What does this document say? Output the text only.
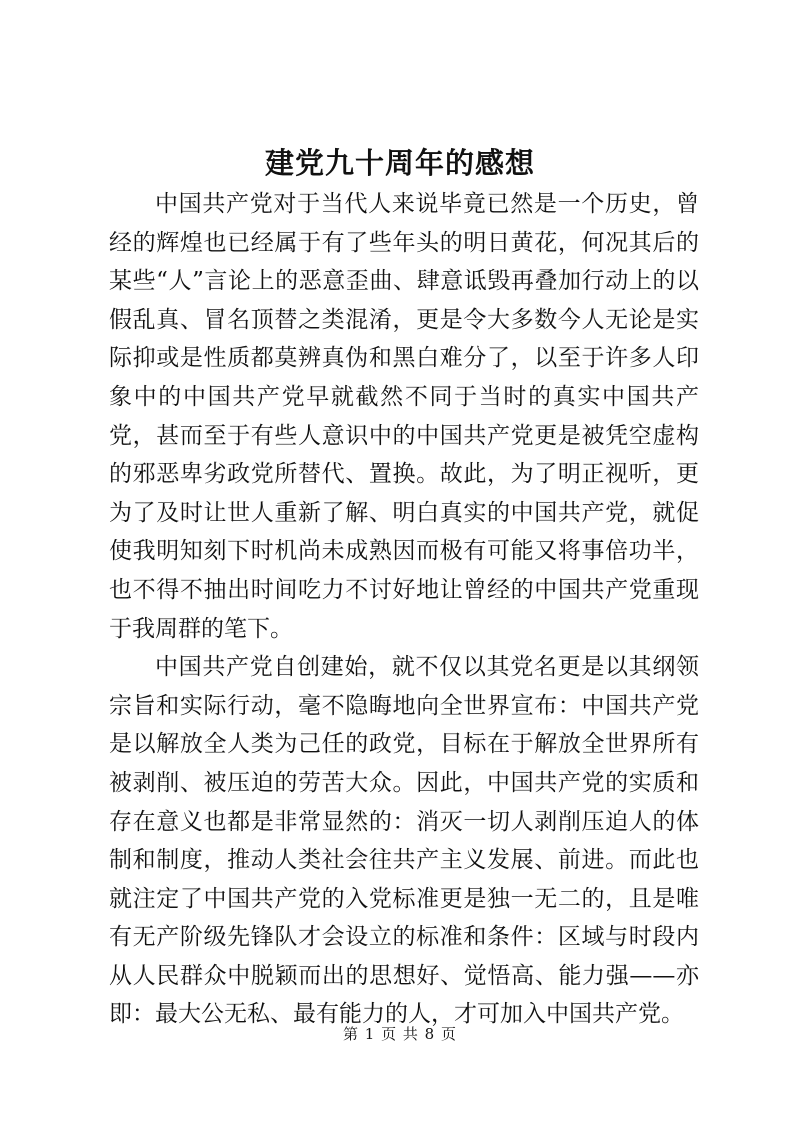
建党九十周年的感想

中国共产党对于当代人来说毕竟已然是一个历史，曾经的辉煌也已经属于有了些年头的明日黄花，何况其后的某些“人”言论上的恶意歪曲、肆意诋毁再叠加行动上的以假乱真、冒名顶替之类混淆，更是令大多数今人无论是实际抑或是性质都莫辨真伪和黑白难分了，以至于许多人印象中的中国共产党早就截然不同于当时的真实中国共产党，甚而至于有些人意识中的中国共产党更是被凭空虚构的邪恶卑劣政党所替代、置换。故此，为了明正视听，更为了及时让世人重新了解、明白真实的中国共产党，就促使我明知刻下时机尚未成熟因而极有可能又将事倍功半，也不得不抽出时间吃力不讨好地让曾经的中国共产党重现于我周群的笔下。

中国共产党自创建始，就不仅以其党名更是以其纲领宗旨和实际行动，毫不隐晦地向全世界宣布：中国共产党是以解放全人类为己任的政党，目标在于解放全世界所有被剥削、被压迫的劳苦大众。因此，中国共产党的实质和存在意义也都是非常显然的：消灭一切人剥削压迫人的体制和制度，推动人类社会往共产主义发展、前进。而此也就注定了中国共产党的入党标准更是独一无二的，且是唯有无产阶级先锋队才会设立的标准和条件：区域与时段内从人民群众中脱颖而出的思想好、觉悟高、能力强——亦即：最大公无私、最有能力的人，才可加入中国共产党。

第 1 页 共 8 页
